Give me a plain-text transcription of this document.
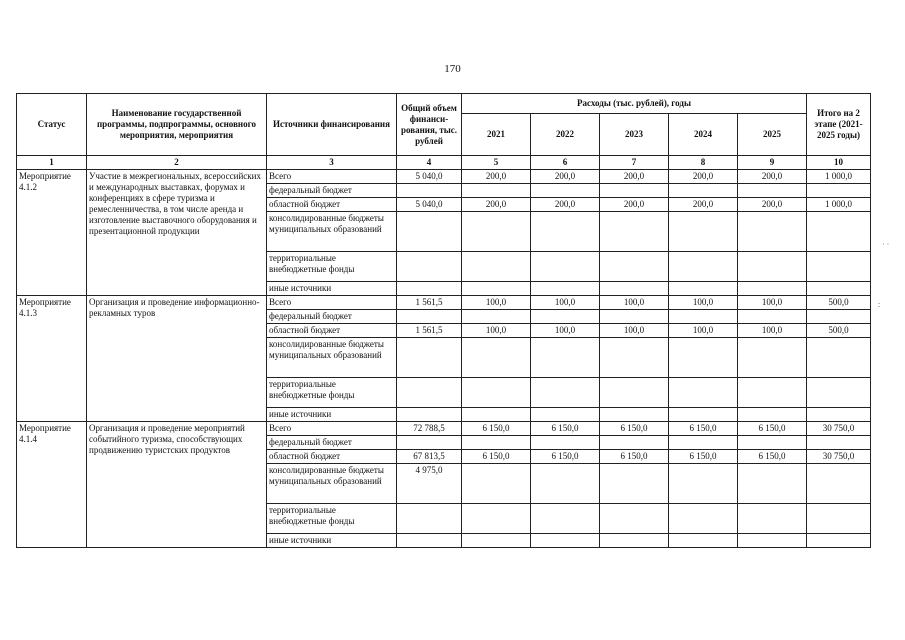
170
Статус	Наименование государственной программы, подпрограммы, основного мероприятия, мероприятия	Источники финансирования	Общий объем финанси-рования, тыс. рублей	Расходы (тыс. рублей), годы					Итого на 2 этапе (2021-2025 годы)
				2021	2022	2023	2024	2025	
1	2	3	4	5	6	7	8	9	10
Мероприятие 4.1.2	Участие в межрегиональных, всероссийских и международных выставках, форумах и конференциях в сфере туризма и ремесленничества, в том числе аренда и изготовление выставочного оборудования и презентационной продукции	Всего	5 040,0	200,0	200,0	200,0	200,0	200,0	1 000,0
		федеральный бюджет							
		областной бюджет	5 040,0	200,0	200,0	200,0	200,0	200,0	1 000,0
		консолидированные бюджеты муниципальных образований							
		территориальные внебюджетные фонды							
		иные источники							
Мероприятие 4.1.3	Организация и проведение информационно-рекламных туров	Всего	1 561,5	100,0	100,0	100,0	100,0	100,0	500,0
		федеральный бюджет							
		областной бюджет	1 561,5	100,0	100,0	100,0	100,0	100,0	500,0
		консолидированные бюджеты муниципальных образований							
		территориальные внебюджетные фонды							
		иные источники							
Мероприятие 4.1.4	Организация и проведение мероприятий событийного туризма, способствующих продвижению туристских продуктов	Всего	72 788,5	6 150,0	6 150,0	6 150,0	6 150,0	6 150,0	30 750,0
		федеральный бюджет							
		областной бюджет	67 813,5	6 150,0	6 150,0	6 150,0	6 150,0	6 150,0	30 750,0
		консолидированные бюджеты муниципальных образований	4 975,0						
		территориальные внебюджетные фонды							
		иные источники							
· ·
:
